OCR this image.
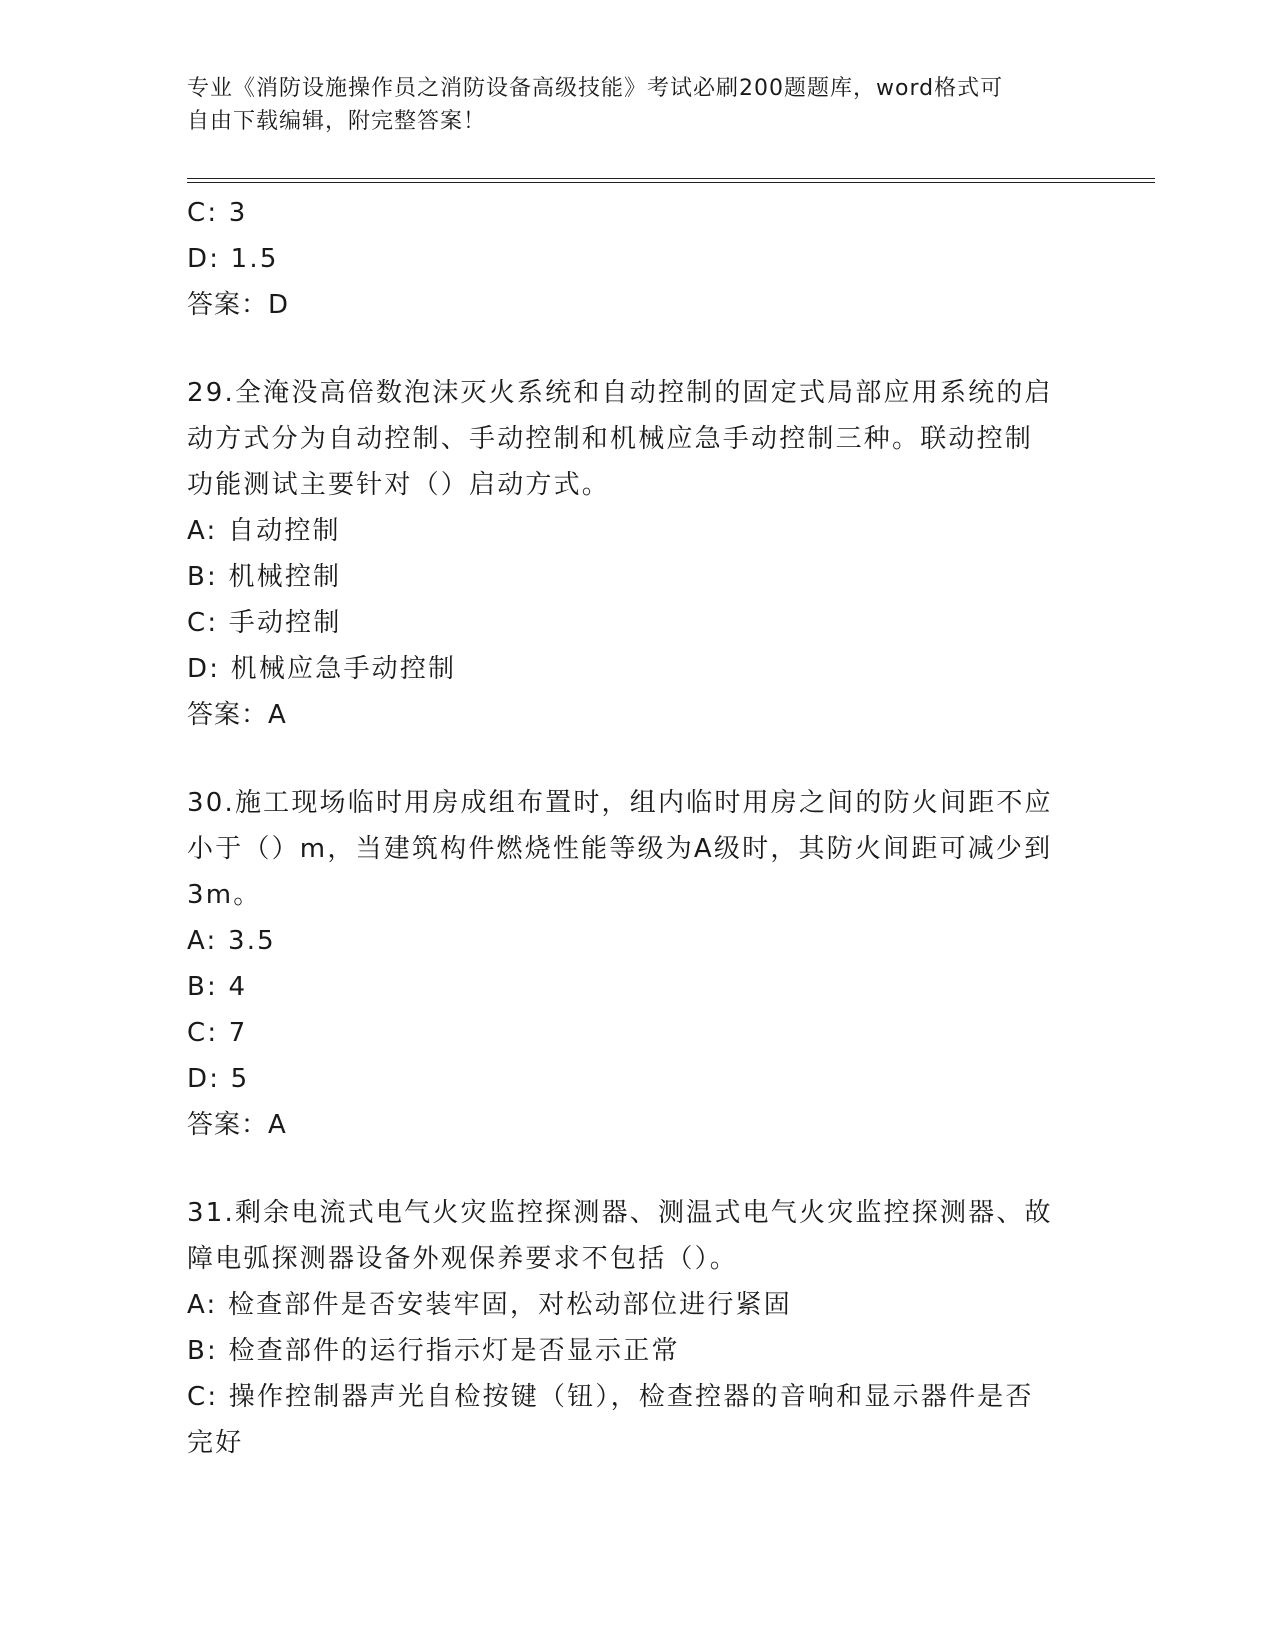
专业《消防设施操作员之消防设备高级技能》考试必刷200题题库，word格式可
自由下载编辑，附完整答案！
C: 3
D: 1.5
答案：D
29.全淹没高倍数泡沫灭火系统和自动控制的固定式局部应用系统的启
动方式分为自动控制、手动控制和机械应急手动控制三种。联动控制
功能测试主要针对（）启动方式。
A: 自动控制
B: 机械控制
C: 手动控制
D: 机械应急手动控制
答案：A
30.施工现场临时用房成组布置时，组内临时用房之间的防火间距不应
小于（）m，当建筑构件燃烧性能等级为A级时，其防火间距可减少到
3m。
A: 3.5
B: 4
C: 7
D: 5
答案：A
31.剩余电流式电气火灾监控探测器、测温式电气火灾监控探测器、故
障电弧探测器设备外观保养要求不包括（）。
A: 检查部件是否安装牢固，对松动部位进行紧固
B: 检查部件的运行指示灯是否显示正常
C: 操作控制器声光自检按键（钮），检查控器的音响和显示器件是否
完好
